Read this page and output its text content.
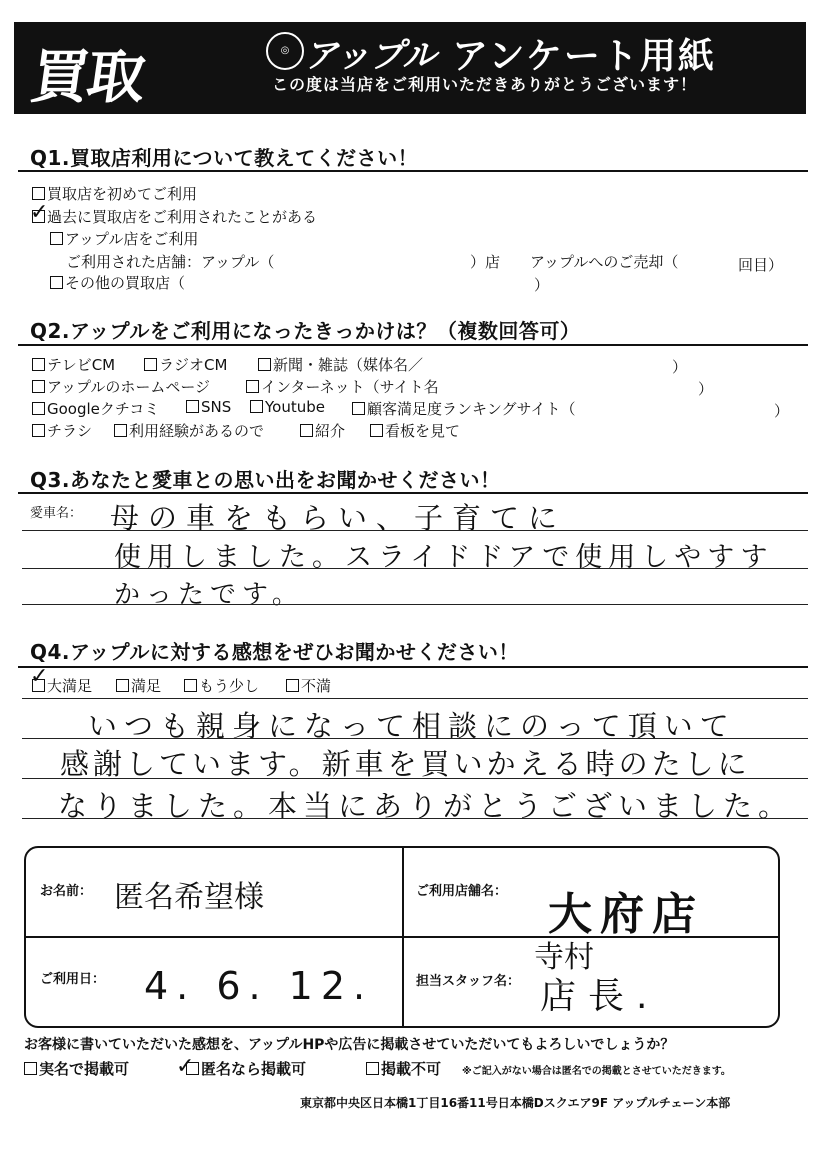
買取	◎ アップル アンケート用紙
この度は当店をご利用いただきありがとうございます！
Q1.買取店利用について教えてください！
買取店を初めてご利用
過去に買取店をご利用されたことがある
✓
アップル店をご利用
ご利用された店舗：アップル（	）店 アップルへのご売却（	回目）
その他の買取店（	）
Q2.アップルをご利用になったきっかけは？（複数回答可）
テレビCM	ラジオCM	新聞・雑誌（媒体名／	）
アップルのホームページ	インターネット（サイト名	）
Googleクチコミ	SNS	Youtube	顧客満足度ランキングサイト（	）
チラシ	利用経験があるので	紹介	看板を見て
Q3.あなたと愛車との思い出をお聞かせください！
愛車名： 母の車をもらい、子育てに
使用しました。スライドドアで使用しやすす
かったです。
Q4.アップルに対する感想をぜひお聞かせください！
✓
大満足	満足	もう少し	不満
いつも親身になって相談にのって頂いて
感謝しています。新車を買いかえる時のたしに
なりました。本当にありがとうございました。
お名前： 匿名希望様	ご利用店舗名： 大府店
ご利用日： 4. 6. 12.	担当スタッフ名：
寺村
店長.
お客様に書いていただいた感想を、アップルHPや広告に掲載させていただいてもよろしいでしょうか？
実名で掲載可 ✓ 匿名なら掲載可	掲載不可 ※ご記入がない場合は匿名での掲載とさせていただきます。
東京都中央区日本橋1丁目16番11号日本橋Dスクエア9F アップルチェーン本部
